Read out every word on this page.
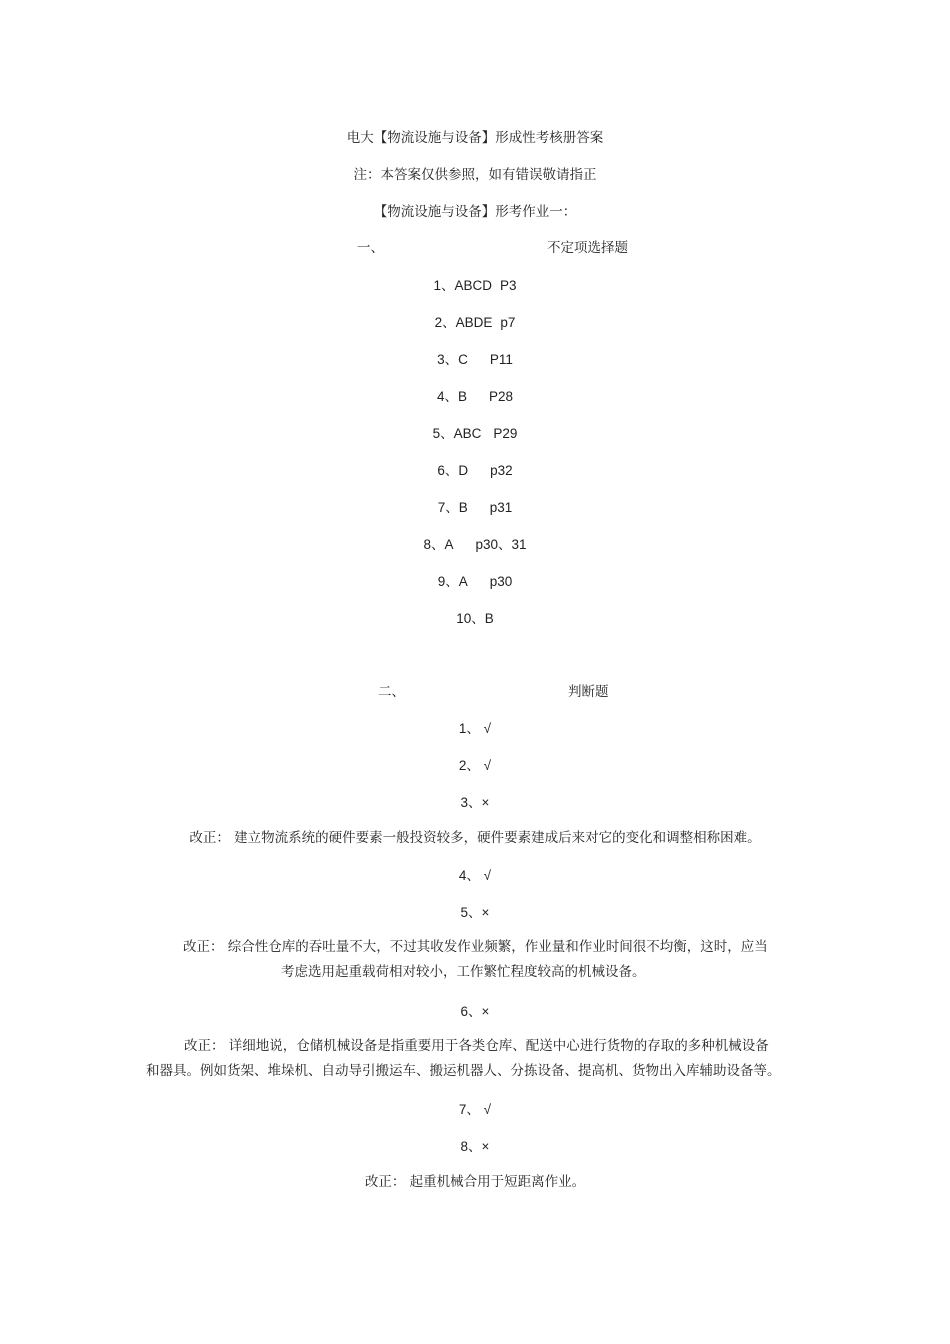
电大【物流设施与设备】形成性考核册答案
注：本答案仅供参照，如有错误敬请指正
【物流设施与设备】形考作业一：
一、	不定项选择题
1、ABCD P3
2、ABDE p7
3、C P11
4、B P28
5、ABC P29
6、D p32
7、B p31
8、A p30、31
9、A p30
10、B
二、	判断题
1、 √
2、 √
3、×
改正： 建立物流系统的硬件要素一般投资较多，硬件要素建成后来对它的变化和调整相称困难。
4、 √
5、×
改正： 综合性仓库的吞吐量不大，不过其收发作业频繁，作业量和作业时间很不均衡，这时，应当
考虑选用起重载荷相对较小，工作繁忙程度较高的机械设备。
6、×
改正： 详细地说，仓储机械设备是指重要用于各类仓库、配送中心进行货物的存取的多种机械设备
和器具。例如货架、堆垛机、自动导引搬运车、搬运机器人、分拣设备、提高机、货物出入库辅助设备等。
7、 √
8、×
改正： 起重机械合用于短距离作业。
